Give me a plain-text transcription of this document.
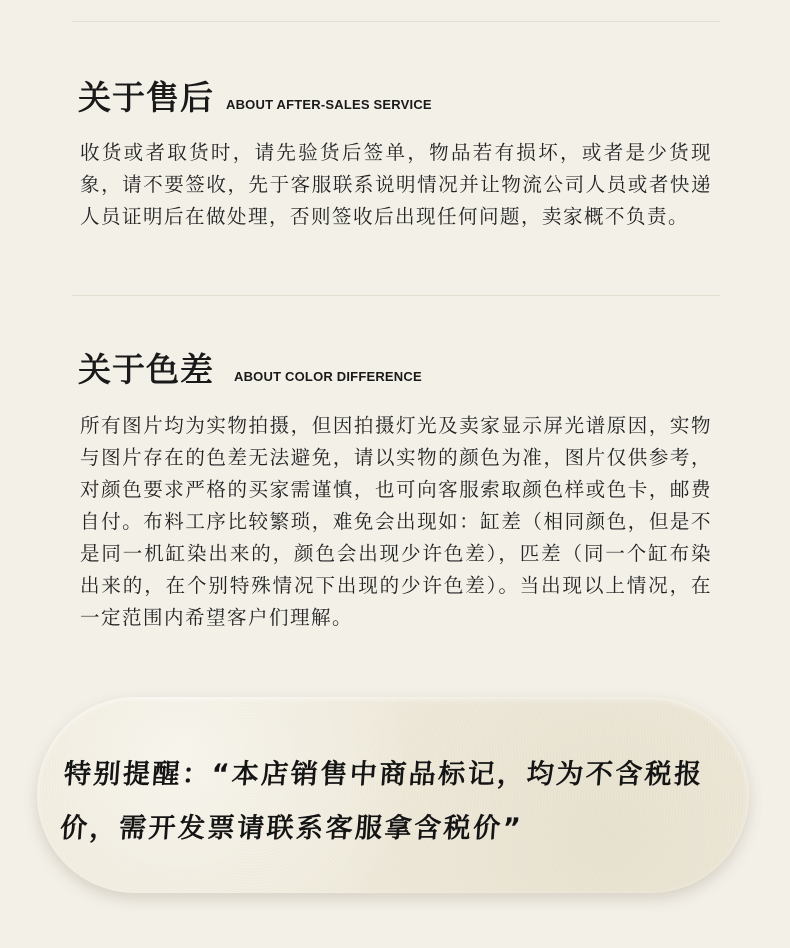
关于售后 ABOUT AFTER-SALES SERVICE

收货或者取货时，请先验货后签单，物品若有损坏，或者是少货现象，请不要签收，先于客服联系说明情况并让物流公司人员或者快递人员证明后在做处理，否则签收后出现任何问题，卖家概不负责。

关于色差 ABOUT COLOR DIFFERENCE

所有图片均为实物拍摄，但因拍摄灯光及卖家显示屏光谱原因，实物与图片存在的色差无法避免，请以实物的颜色为准，图片仅供参考，对颜色要求严格的买家需谨慎，也可向客服索取颜色样或色卡，邮费自付。布料工序比较繁琐，难免会出现如：缸差（相同颜色，但是不是同一机缸染出来的，颜色会出现少许色差），匹差（同一个缸布染出来的，在个别特殊情况下出现的少许色差）。当出现以上情况，在一定范围内希望客户们理解。

特别提醒：“本店销售中商品标记，均为不含税报价，需开发票请联系客服拿含税价”
